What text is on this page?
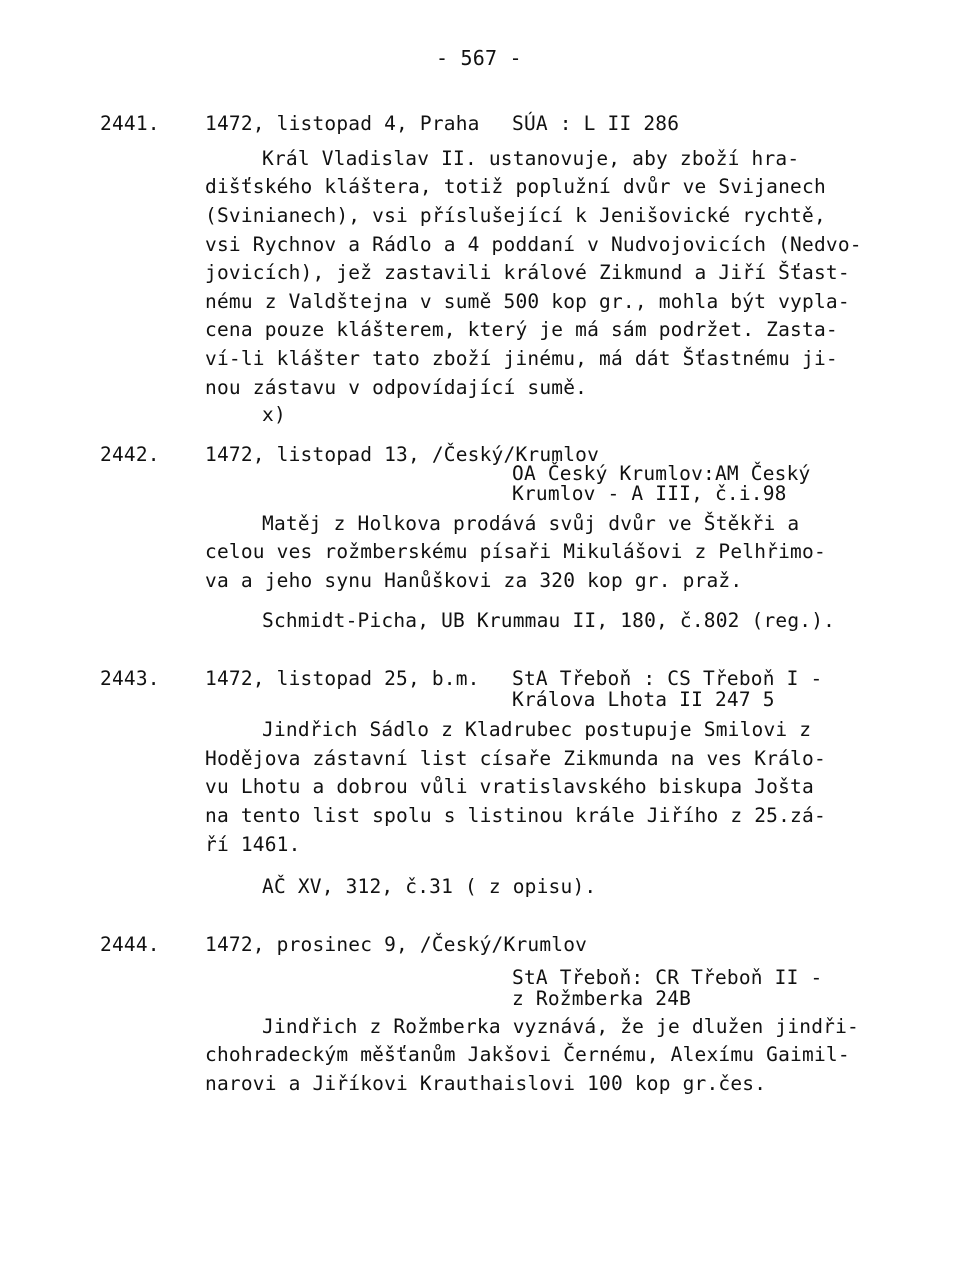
- 567 -
2441. 1472, listopad 4, Praha SÚA : L II 286
Král Vladislav II. ustanovuje, aby zboží hra-
dišťského kláštera, totiž poplužní dvůr ve Svijanech
(Svinianech), vsi příslušející k Jenišovické rychtě,
vsi Rychnov a Rádlo a 4 poddaní v Nudvojovicích (Nedvo-
jovicích), jež zastavili králové Zikmund a Jiří Šťast-
nému z Valdštejna v sumě 500 kop gr., mohla být vypla-
cena pouze klášterem, který je má sám podržet. Zasta-
ví-li klášter tato zboží jinému, má dát Šťastnému ji-
nou zástavu v odpovídající sumě.
x)
2442. 1472, listopad 13, /Český/Krumlov
OA Český Krumlov:AM Český
Krumlov - A III, č.i.98
Matěj z Holkova prodává svůj dvůr ve Štěkři a
celou ves rožmberskému písaři Mikulášovi z Pelhřimo-
va a jeho synu Hanůškovi za 320 kop gr. praž.
Schmidt-Picha, UB Krummau II, 180, č.802 (reg.).
2443. 1472, listopad 25, b.m. StA Třeboň : CS Třeboň I -
Králova Lhota II 247 5
Jindřich Sádlo z Kladrubec postupuje Smilovi z
Hodějova zástavní list císaře Zikmunda na ves Králo-
vu Lhotu a dobrou vůli vratislavského biskupa Jošta
na tento list spolu s listinou krále Jiřího z 25.zá-
ří 1461.
AČ XV, 312, č.31 ( z opisu).
2444. 1472, prosinec 9, /Český/Krumlov
StA Třeboň: CR Třeboň II -
z Rožmberka 24B
Jindřich z Rožmberka vyznává, že je dlužen jindři-
chohradeckým měšťanům Jakšovi Černému, Alexímu Gaimil-
narovi a Jiříkovi Krauthaislovi 100 kop gr.čes.
